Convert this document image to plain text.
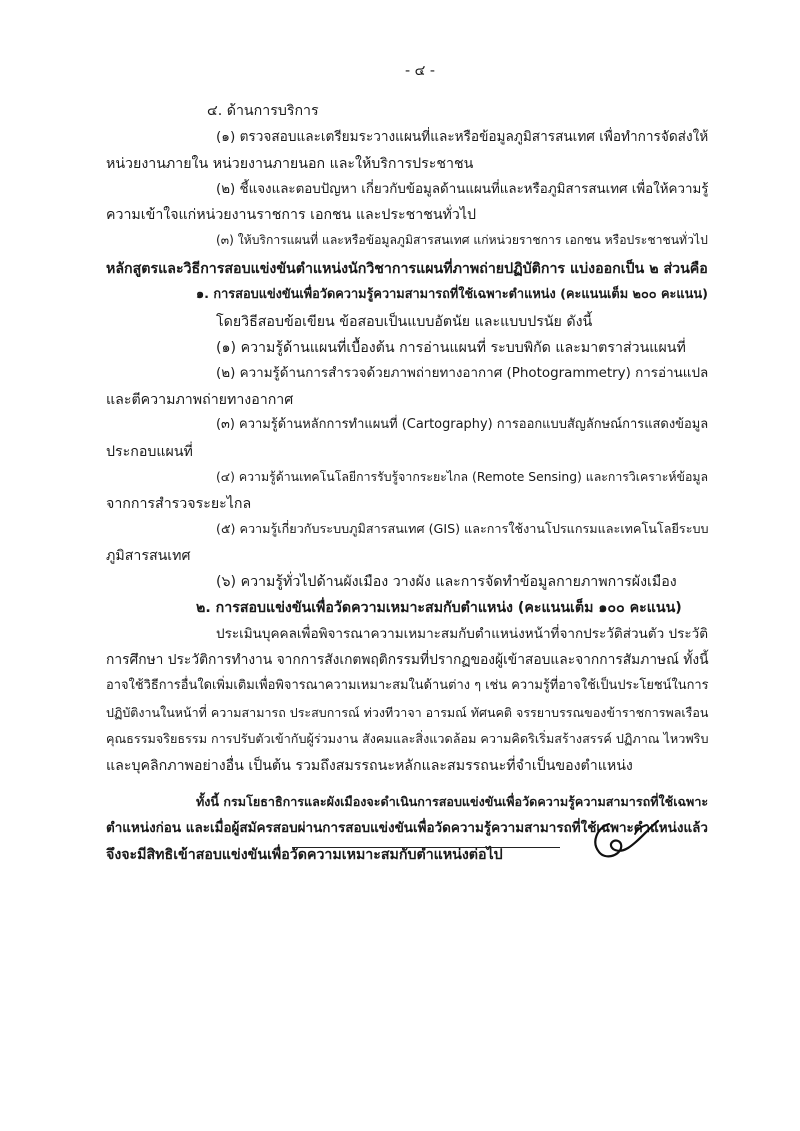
- ๔ -
๔. ด้านการบริการ
(๑) ตรวจสอบและเตรียมระวางแผนที่และหรือข้อมูลภูมิสารสนเทศ เพื่อทำการจัดส่งให้
หน่วยงานภายใน หน่วยงานภายนอก และให้บริการประชาชน
(๒) ชี้แจงและตอบปัญหา เกี่ยวกับข้อมูลด้านแผนที่และหรือภูมิสารสนเทศ เพื่อให้ความรู้
ความเข้าใจแก่หน่วยงานราชการ เอกชน และประชาชนทั่วไป
(๓) ให้บริการแผนที่ และหรือข้อมูลภูมิสารสนเทศ แก่หน่วยราชการ เอกชน หรือประชาชนทั่วไป
หลักสูตรและวิธีการสอบแข่งขันตำแหน่งนักวิชาการแผนที่ภาพถ่ายปฏิบัติการ แบ่งออกเป็น ๒ ส่วนคือ
๑. การสอบแข่งขันเพื่อวัดความรู้ความสามารถที่ใช้เฉพาะตำแหน่ง (คะแนนเต็ม ๒๐๐ คะแนน)
โดยวิธีสอบข้อเขียน ข้อสอบเป็นแบบอัตนัย และแบบปรนัย ดังนี้
(๑) ความรู้ด้านแผนที่เบื้องต้น การอ่านแผนที่ ระบบพิกัด และมาตราส่วนแผนที่
(๒) ความรู้ด้านการสำรวจด้วยภาพถ่ายทางอากาศ (Photogrammetry) การอ่านแปล
และตีความภาพถ่ายทางอากาศ
(๓) ความรู้ด้านหลักการทำแผนที่ (Cartography) การออกแบบสัญลักษณ์การแสดงข้อมูล
ประกอบแผนที่
(๔) ความรู้ด้านเทคโนโลยีการรับรู้จากระยะไกล (Remote Sensing) และการวิเคราะห์ข้อมูล
จากการสำรวจระยะไกล
(๕) ความรู้เกี่ยวกับระบบภูมิสารสนเทศ (GIS) และการใช้งานโปรแกรมและเทคโนโลยีระบบ
ภูมิสารสนเทศ
(๖) ความรู้ทั่วไปด้านผังเมือง วางผัง และการจัดทำข้อมูลกายภาพการผังเมือง
๒. การสอบแข่งขันเพื่อวัดความเหมาะสมกับตำแหน่ง (คะแนนเต็ม ๑๐๐ คะแนน)
ประเมินบุคคลเพื่อพิจารณาความเหมาะสมกับตำแหน่งหน้าที่จากประวัติส่วนตัว ประวัติ
การศึกษา ประวัติการทำงาน จากการสังเกตพฤติกรรมที่ปรากฏของผู้เข้าสอบและจากการสัมภาษณ์ ทั้งนี้
อาจใช้วิธีการอื่นใดเพิ่มเติมเพื่อพิจารณาความเหมาะสมในด้านต่าง ๆ เช่น ความรู้ที่อาจใช้เป็นประโยชน์ในการ
ปฏิบัติงานในหน้าที่ ความสามารถ ประสบการณ์ ท่วงทีวาจา อารมณ์ ทัศนคติ จรรยาบรรณของข้าราชการพลเรือน
คุณธรรมจริยธรรม การปรับตัวเข้ากับผู้ร่วมงาน สังคมและสิ่งแวดล้อม ความคิดริเริ่มสร้างสรรค์ ปฏิภาณ ไหวพริบ
และบุคลิกภาพอย่างอื่น เป็นต้น รวมถึงสมรรถนะหลักและสมรรถนะที่จำเป็นของตำแหน่ง
ทั้งนี้ กรมโยธาธิการและผังเมืองจะดำเนินการสอบแข่งขันเพื่อวัดความรู้ความสามารถที่ใช้เฉพาะ
ตำแหน่งก่อน และเมื่อผู้สมัครสอบผ่านการสอบแข่งขันเพื่อวัดความรู้ความสามารถที่ใช้เฉพาะตำแหน่งแล้ว
จึงจะมีสิทธิเข้าสอบแข่งขันเพื่อวัดความเหมาะสมกับตำแหน่งต่อไป
